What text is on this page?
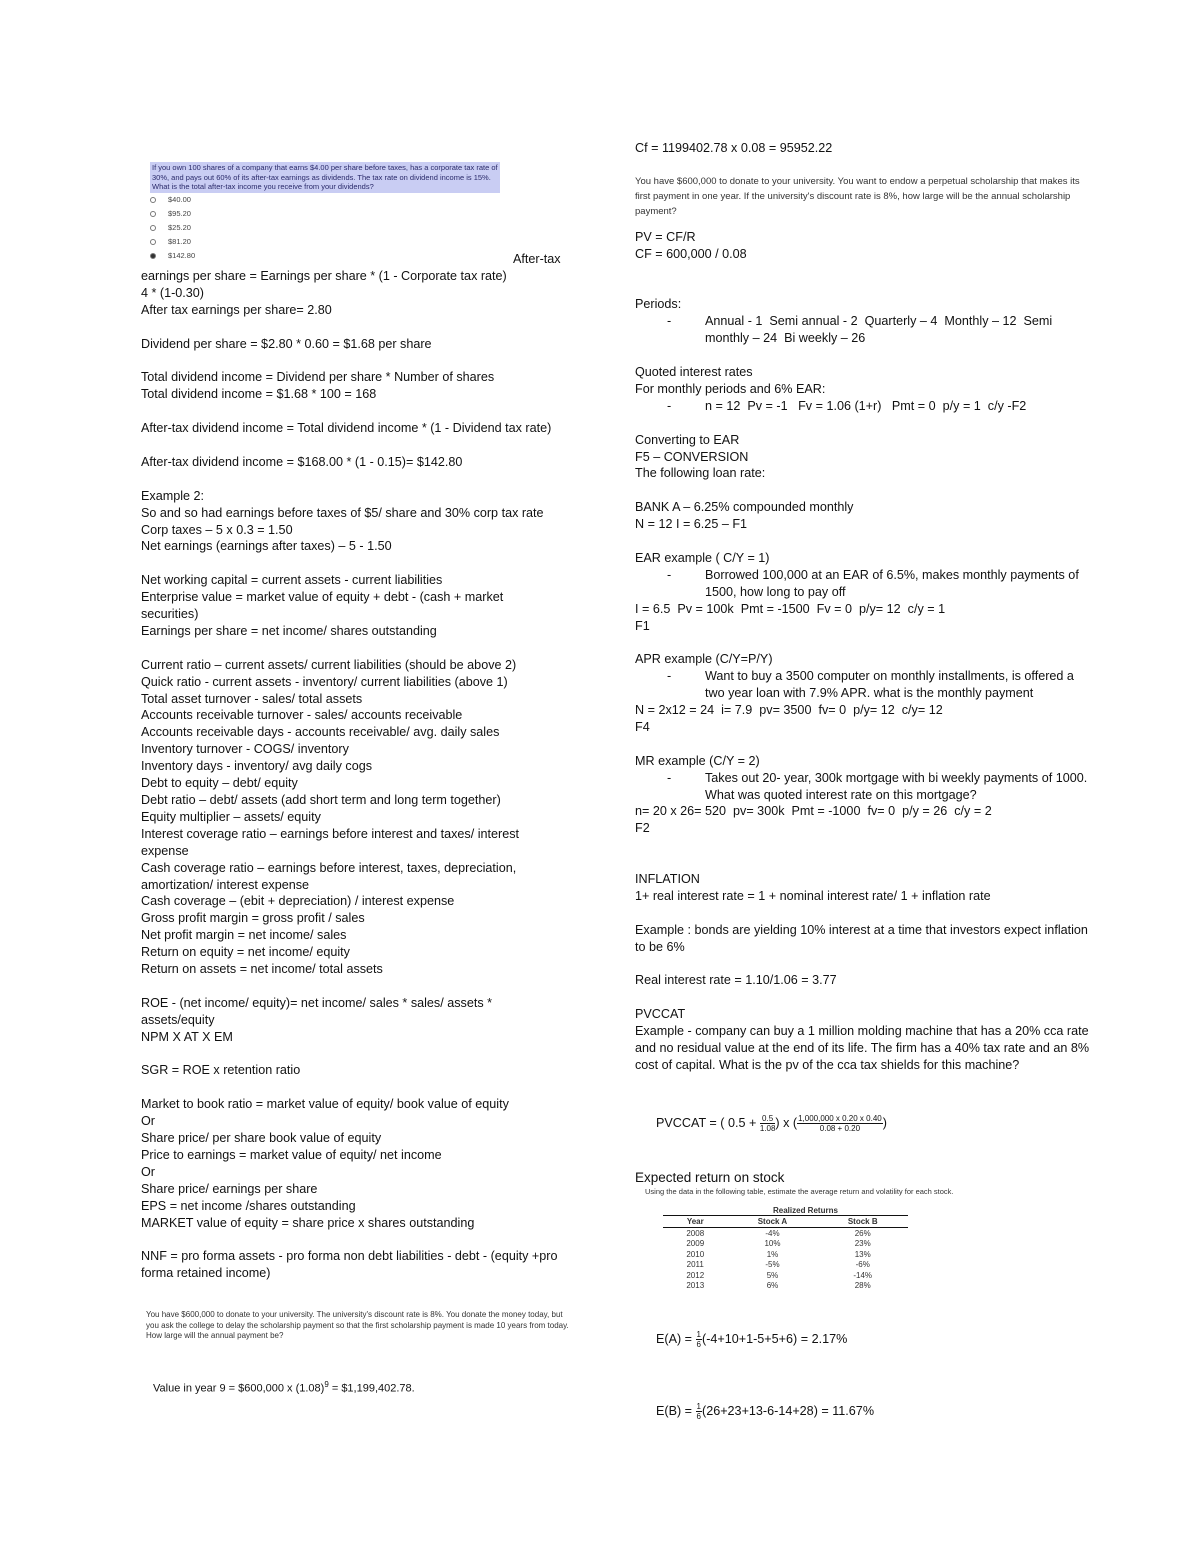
If you own 100 shares of a company that earns $4.00 per share before taxes, has a corporate tax rate of 30%, and pays out 60% of its after-tax earnings as dividends. The tax rate on dividend income is 15%. What is the total after-tax income you receive from your dividends?
$40.00
$95.20
$25.20
$81.20
$142.80	After-tax
earnings per share = Earnings per share * (1 - Corporate tax rate)
4 * (1-0.30)
After tax earnings per share= 2.80
Dividend per share = $2.80 * 0.60 = $1.68 per share
Total dividend income = Dividend per share * Number of shares
Total dividend income = $1.68 * 100 = 168
After-tax dividend income = Total dividend income * (1 - Dividend tax rate)
After-tax dividend income = $168.00 * (1 - 0.15)= $142.80
Example 2:
So and so had earnings before taxes of $5/ share and 30% corp tax rate
Corp taxes – 5 x 0.3 = 1.50
Net earnings (earnings after taxes) – 5 - 1.50
Net working capital = current assets - current liabilities
Enterprise value = market value of equity + debt - (cash + market
securities)
Earnings per share = net income/ shares outstanding
Current ratio – current assets/ current liabilities (should be above 2)
Quick ratio - current assets - inventory/ current liabilities (above 1)
Total asset turnover - sales/ total assets
Accounts receivable turnover - sales/ accounts receivable
Accounts receivable days - accounts receivable/ avg. daily sales
Inventory turnover - COGS/ inventory
Inventory days - inventory/ avg daily cogs
Debt to equity – debt/ equity
Debt ratio – debt/ assets (add short term and long term together)
Equity multiplier – assets/ equity
Interest coverage ratio – earnings before interest and taxes/ interest
expense
Cash coverage ratio – earnings before interest, taxes, depreciation,
amortization/ interest expense
Cash coverage – (ebit + depreciation) / interest expense
Gross profit margin = gross profit / sales
Net profit margin = net income/ sales
Return on equity = net income/ equity
Return on assets = net income/ total assets
ROE - (net income/ equity)= net income/ sales * sales/ assets *
assets/equity
NPM X AT X EM
SGR = ROE x retention ratio
Market to book ratio = market value of equity/ book value of equity
Or
Share price/ per share book value of equity
Price to earnings = market value of equity/ net income
Or
Share price/ earnings per share
EPS = net income /shares outstanding
MARKET value of equity = share price x shares outstanding
NNF = pro forma assets - pro forma non debt liabilities - debt - (equity +pro
forma retained income)
You have $600,000 to donate to your university. The university's discount rate is 8%. You donate the money today, but you ask the college to delay the scholarship payment so that the first scholarship payment is made 10 years from today. How large will the annual payment be?
Value in year 9 = $600,000 x $(1.08)^9$ = $1,199,402.78.
Cf = 1199402.78 x 0.08 = 95952.22
You have $600,000 to donate to your university. You want to endow a perpetual scholarship that makes its first payment in one year. If the university's discount rate is 8%, how large will be the annual scholarship payment?
PV = CF/R
CF = 600,000 / 0.08
Periods:
-	Annual - 1  Semi annual - 2  Quarterly – 4  Monthly – 12  Semi monthly – 24  Bi weekly – 26
Quoted interest rates
For monthly periods and 6% EAR:
-	n = 12  Pv = -1   Fv = 1.06 (1+r)   Pmt = 0  p/y = 1  c/y -F2
Converting to EAR
F5 – CONVERSION
The following loan rate:
BANK A – 6.25% compounded monthly
N = 12 I = 6.25 – F1
EAR example ( C/Y = 1)
-	Borrowed 100,000 at an EAR of 6.5%, makes monthly payments of 1500, how long to pay off
I = 6.5  Pv = 100k  Pmt = -1500  Fv = 0  p/y= 12  c/y = 1
F1
APR example (C/Y=P/Y)
-	Want to buy a 3500 computer on monthly installments, is offered a two year loan with 7.9% APR. what is the monthly payment
N = 2x12 = 24  i= 7.9  pv= 3500  fv= 0  p/y= 12  c/y= 12
F4
MR example (C/Y = 2)
-	Takes out 20- year, 300k mortgage with bi weekly payments of 1000. What was quoted interest rate on this mortgage?
n= 20 x 26= 520  pv= 300k  Pmt = -1000  fv= 0  p/y = 26  c/y = 2
F2
INFLATION
1+ real interest rate = 1 + nominal interest rate/ 1 + inflation rate
Example : bonds are yielding 10% interest at a time that investors expect inflation to be 6%
Real interest rate = 1.10/1.06 = 3.77
PVCCAT
Example - company can buy a 1 million molding machine that has a 20% cca rate and no residual value at the end of its life. The firm has a 40% tax rate and an 8% cost of capital. What is the pv of the cca tax shields for this machine?

PVCCAT = ( $0.5 + \frac{0.5}{1.08}$ ) x ( $\frac{1,000,000 x 0.20 x 0.40}{0.08 + 0.20}$ )

Expected return on stock
Using the data in the following table, estimate the average return and volatility for each stock.
Realized Returns		
Year	Stock A	Stock B
2008	-4%	26%
2009	10%	23%
2010	1%	13%
2011	-5%	-6%
2012	5%	-14%
2013	6%	28%

$E(A) = \frac{1}{6} (-4+10+1-5+5+6) = 2.17\%$

$E(B) = \frac{1}{6} (26+23+13-6-14+28) = 11.67\%$
